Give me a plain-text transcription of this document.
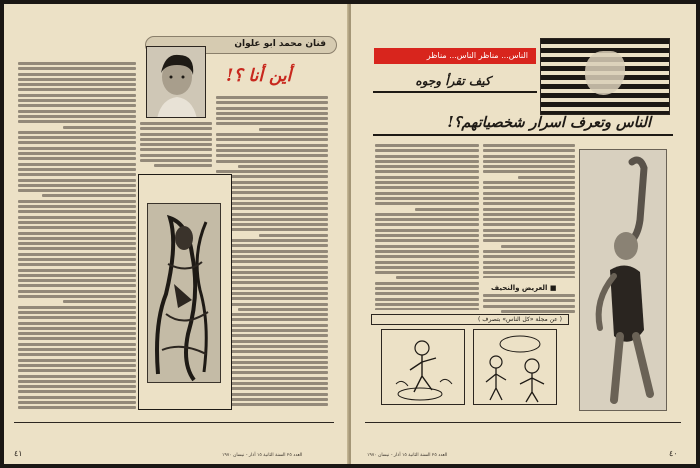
فنان محمد ابو علوان
أين أنا ؟!
٤١	العدد ٢٥ السنة الثانية ١٥ أذار - نيسان ١٩٧٠
الناس... مناظر الناس... مناظر
كيف تقرأ وجوه
الناس وتعرف اسرار شخصياتهم؟!
■ العريض والنحيف
( عن مجلة «كل الناس» بتصرف )
العدد ٢٥ السنة الثانية ١٥ أذار - نيسان ١٩٧٠	٤٠
